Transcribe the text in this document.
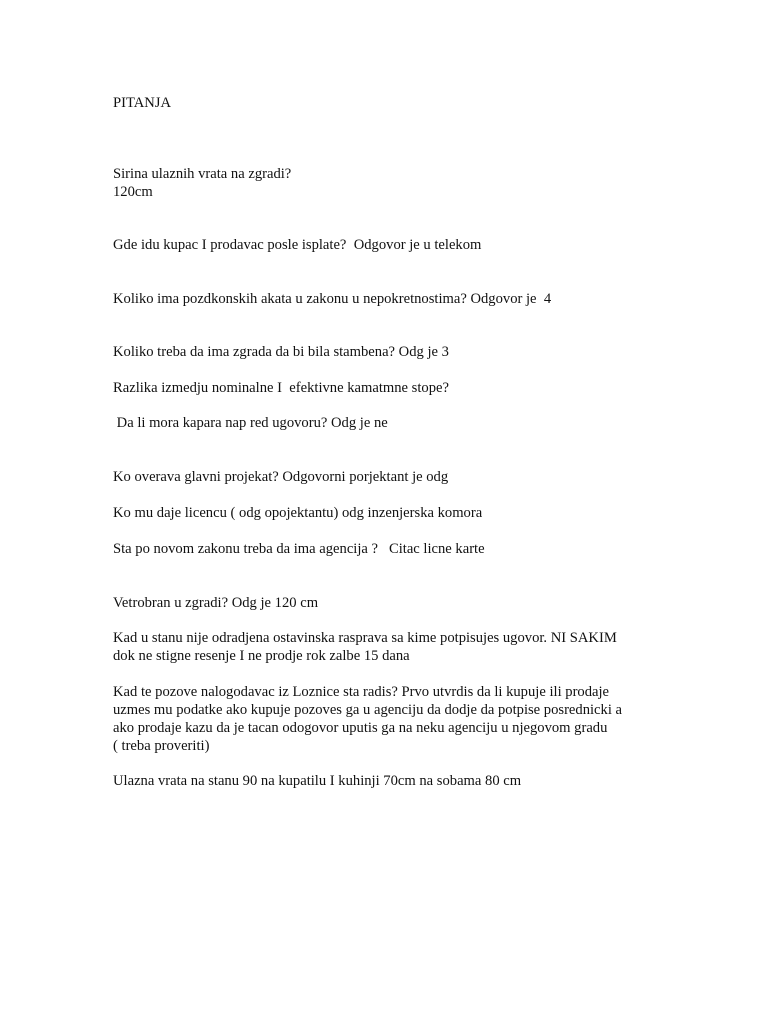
PITANJA
Sirina ulaznih vrata na zgradi?
120cm
Gde idu kupac I prodavac posle isplate?  Odgovor je u telekom
Koliko ima pozdkonskih akata u zakonu u nepokretnostima? Odgovor je  4
Koliko treba da ima zgrada da bi bila stambena? Odg je 3
Razlika izmedju nominalne I  efektivne kamatmne stope?
Da li mora kapara nap red ugovoru? Odg je ne
Ko overava glavni projekat? Odgovorni porjektant je odg
Ko mu daje licencu ( odg opojektantu) odg inzenjerska komora
Sta po novom zakonu treba da ima agencija ?   Citac licne karte
Vetrobran u zgradi? Odg je 120 cm
Kad u stanu nije odradjena ostavinska rasprava sa kime potpisujes ugovor. NI SAKIM
dok ne stigne resenje I ne prodje rok zalbe 15 dana
Kad te pozove nalogodavac iz Loznice sta radis? Prvo utvrdis da li kupuje ili prodaje
uzmes mu podatke ako kupuje pozoves ga u agenciju da dodje da potpise posrednicki a
ako prodaje kazu da je tacan odogovor uputis ga na neku agenciju u njegovom gradu
( treba proveriti)
Ulazna vrata na stanu 90 na kupatilu I kuhinji 70cm na sobama 80 cm
